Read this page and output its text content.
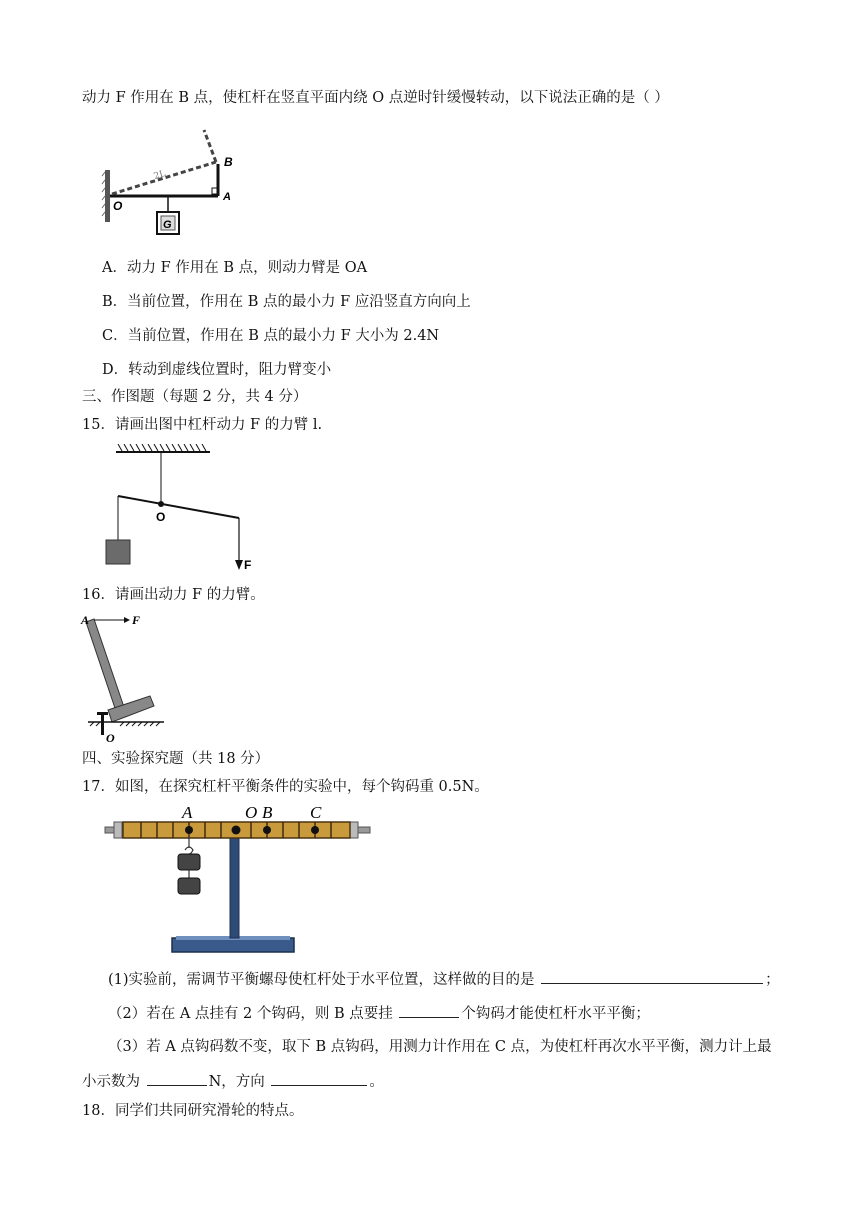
动力 F 作用在 B 点，使杠杆在竖直平面内绕 O 点逆时针缓慢转动，以下说法正确的是（ ）
G
O
A
B
2L
A．动力 F 作用在 B 点，则动力臂是 OA
B．当前位置，作用在 B 点的最小力 F 应沿竖直方向向上
C．当前位置，作用在 B 点的最小力 F 大小为 2.4N
D．转动到虚线位置时，阻力臂变小
三、作图题（每题 2 分，共 4 分）
15．请画出图中杠杆动力 F 的力臂 l.
O
F
16．请画出动力 F 的力臂。
A	F
O
四、实验探究题（共 18 分）
17．如图，在探究杠杆平衡条件的实验中，每个钩码重 0.5N。
A	O B C
(1)实验前，需调节平衡螺母使杠杆处于水平位置，这样做的目的是	；
（2）若在 A 点挂有 2 个钩码，则 B 点要挂	个钩码才能使杠杆水平平衡；
（3）若 A 点钩码数不变，取下 B 点钩码，用测力计作用在 C 点，为使杠杆再次水平平衡，测力计上最
小示数为	N，方向	。
18．同学们共同研究滑轮的特点。
